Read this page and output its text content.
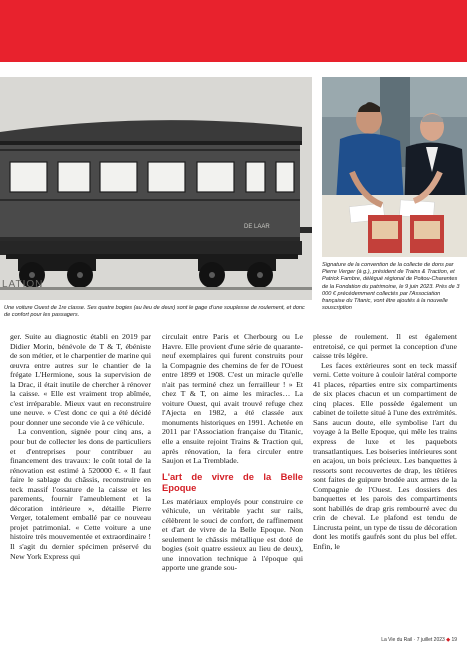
DE LAAR
LATION
Signature de la convention de la collecte de dons par Pierre Verger (à g.), président de Trains & Traction, et Patrick Fambre, délégué régional de Poitou-Charentes de la Fondation du patrimoine, le 9 juin 2023. Près de 3 000 € précédemment collectés par l'Association française du Titanic, vont être ajoutés à la nouvelle souscription
Une voiture Ouest de 1re classe. Ses quatre bogies (au lieu de deux) sont le gage d'une souplesse de roulement, et donc de confort pour les passagers.

ger. Suite au diagnostic établi en 2019 par Didier Morin, bénévole de T & T, ébéniste de son métier, et le charpentier de marine qui œuvra entre autres sur le chantier de la frégate L'Hermione, sous la supervision de la Drac, il était inutile de chercher à rénover la caisse. « Elle est vraiment trop abîmée, c'est irréparable. Mieux vaut en reconstruire une neuve. » C'est donc ce qui a été décidé pour donner une seconde vie à ce véhicule.

La convention, signée pour cinq ans, a pour but de collecter les dons de particuliers et d'entreprises pour contribuer au financement des travaux: le coût total de la rénovation est estimé à 520000 €. « Il faut faire le sablage du châssis, reconstruire en teck massif l'ossature de la caisse et les parements, fournir l'ameublement et la décoration intérieure », détaille Pierre Verger, totalement emballé par ce nouveau projet patrimonial. « Cette voiture a une histoire très mouvementée et extraordinaire ! Il s'agit du dernier spécimen préservé du New York Express qui

circulait entre Paris et Cherbourg ou Le Havre. Elle provient d'une série de quarante-neuf exemplaires qui furent construits pour la Compagnie des chemins de fer de l'Ouest entre 1899 et 1908. C'est un miracle qu'elle n'ait pas terminé chez un ferrailleur ! » Et chez T & T, on aime les miracles… La voiture Ouest, qui avait trouvé refuge chez l'Ajecta en 1982, a été classée aux monuments historiques en 1991. Achetée en 2011 par l'Association française du Titanic, elle a ensuite rejoint Trains & Traction qui, après rénovation, la fera circuler entre Saujon et La Tremblade.

L'art de vivre de la Belle Epoque

Les matériaux employés pour construire ce véhicule, un véritable yacht sur rails, célèbrent le souci de confort, de raffinement et d'art de vivre de la Belle Epoque. Non seulement le châssis métallique est doté de bogies (soit quatre essieux au lieu de deux), une innovation technique à l'époque qui apporte une grande sou-

plesse de roulement. Il est également entretoisé, ce qui permet la conception d'une caisse très légère.

Les faces extérieures sont en teck massif verni. Cette voiture à couloir latéral comporte 41 places, réparties entre six compartiments de six places chacun et un compartiment de cinq places. Elle possède également un cabinet de toilette situé à l'une des extrémités. Sans aucun doute, elle symbolise l'art du voyage à la Belle Epoque, qui mêle les trains express de luxe et les paquebots transatlantiques. Les boiseries intérieures sont en acajou, un bois précieux. Les banquettes à ressorts sont recouvertes de drap, les têtières sont faites de guipure brodée aux armes de la Compagnie de l'Ouest. Les dossiers des banquettes et les parois des compartiments sont habillés de drap gris rembourré avec du crin de cheval. Le plafond est tendu de Lincrusta peint, un type de tissu de décoration dont les motifs gaufrés sont du plus bel effet. Enfin, le

La Vie du Rail · 7 juillet 2023 ◆ 19
